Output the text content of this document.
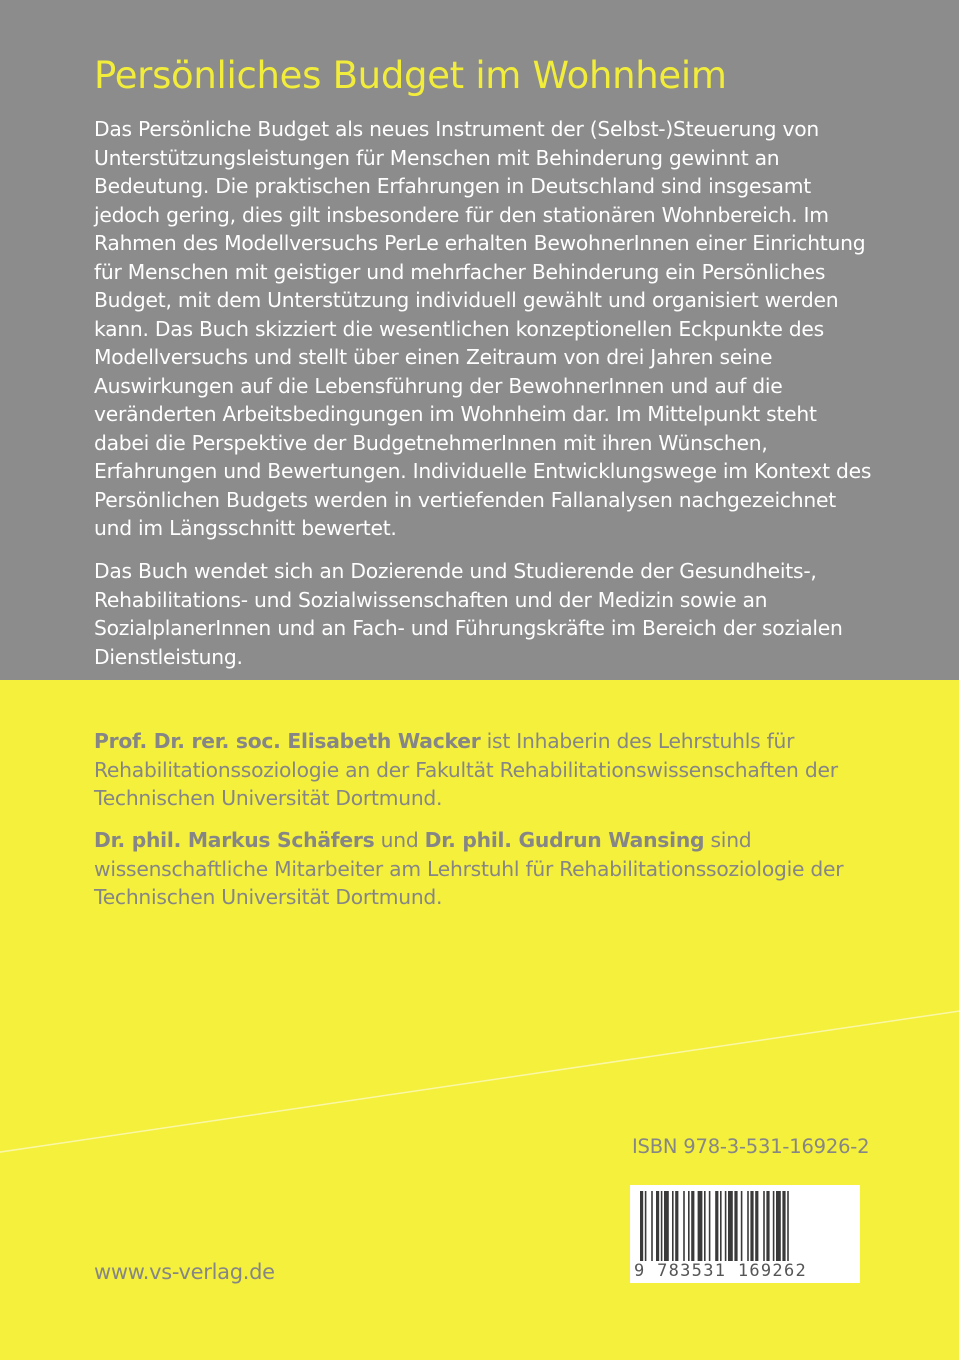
Persönliches Budget im Wohnheim

Das Persönliche Budget als neues Instrument der (Selbst-)Steuerung von Unterstützungsleistungen für Menschen mit Behinderung gewinnt an Bedeutung. Die praktischen Erfahrungen in Deutschland sind insgesamt jedoch gering, dies gilt insbesondere für den stationären Wohnbereich. Im Rahmen des Modellversuchs PerLe erhalten BewohnerInnen einer Einrichtung für Menschen mit geistiger und mehrfacher Behinderung ein Persönliches Budget, mit dem Unterstützung individuell gewählt und organisiert werden kann. Das Buch skizziert die wesentlichen konzeptionellen Eckpunkte des Modellversuchs und stellt über einen Zeitraum von drei Jahren seine Auswirkungen auf die Lebensführung der BewohnerInnen und auf die veränderten Arbeitsbedingungen im Wohnheim dar. Im Mittelpunkt steht dabei die Perspektive der BudgetnehmerInnen mit ihren Wünschen, Erfahrungen und Bewertungen. Individuelle Entwicklungswege im Kontext des Persönlichen Budgets werden in vertiefenden Fallanalysen nachgezeichnet und im Längsschnitt bewertet.

Das Buch wendet sich an Dozierende und Studierende der Gesundheits-, Rehabilitations- und Sozialwissenschaften und der Medizin sowie an SozialplanerInnen und an Fach- und Führungskräfte im Bereich der sozialen Dienstleistung.

Prof. Dr. rer. soc. Elisabeth Wacker ist Inhaberin des Lehrstuhls für Rehabilitationssoziologie an der Fakultät Rehabilitationswissenschaften der Technischen Universität Dortmund.

Dr. phil. Markus Schäfers und Dr. phil. Gudrun Wansing sind wissenschaftliche Mitarbeiter am Lehrstuhl für Rehabilitationssoziologie der Technischen Universität Dortmund.

ISBN 978-3-531-16926-2
9 783531 169262
www.vs-verlag.de
